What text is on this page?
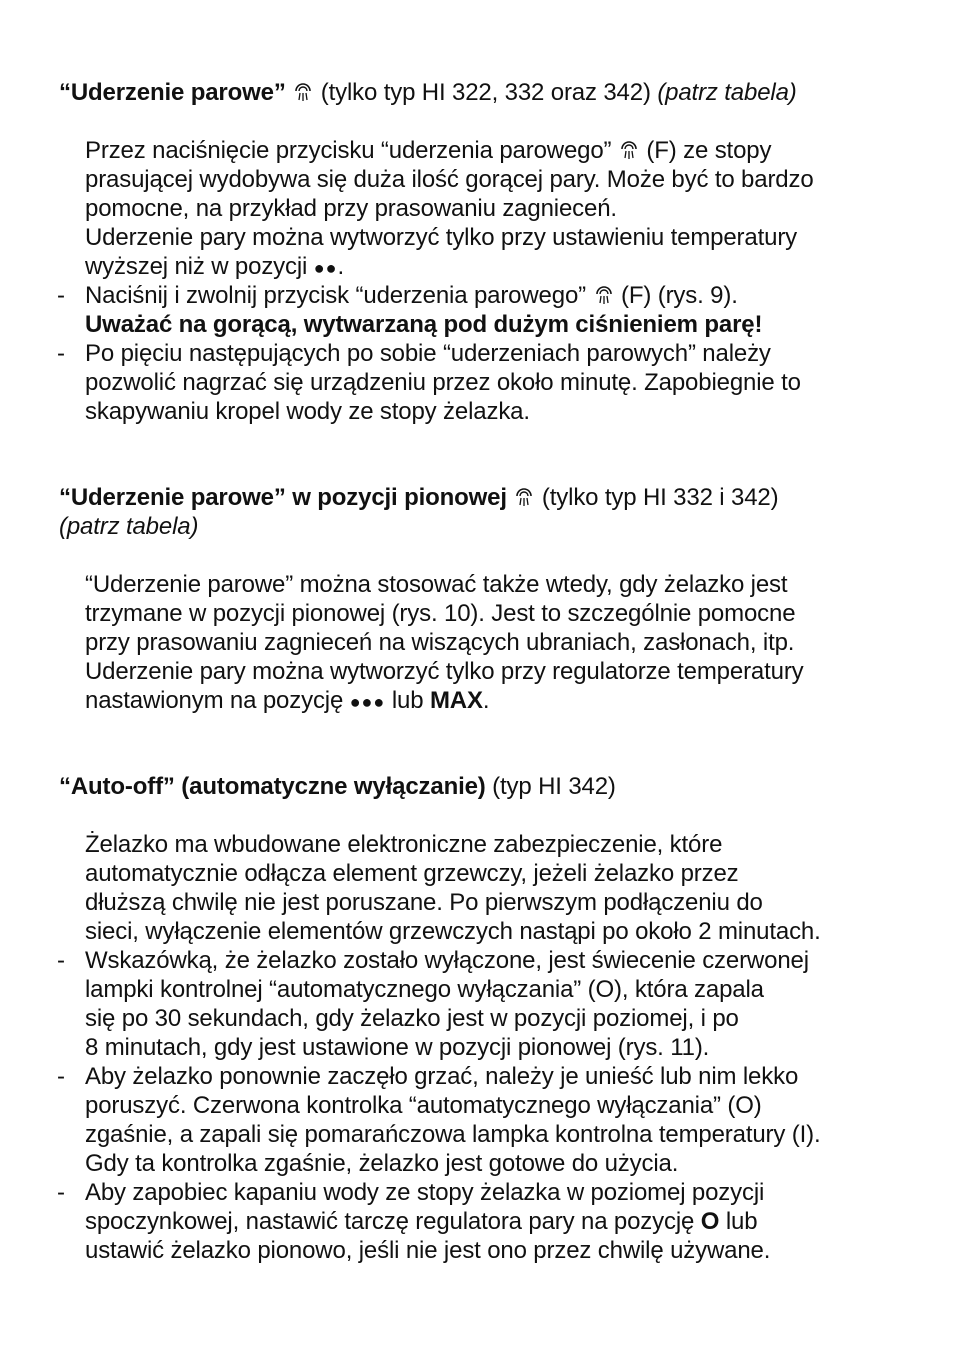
“Uderzenie parowe”  (tylko typ HI 322, 332 oraz 342) (patrz tabela)
Przez naciśnięcie przycisku “uderzenia parowego”  (F) ze stopy
prasującej wydobywa się duża ilość gorącej pary. Może być to bardzo
pomocne, na przykład przy prasowaniu zagnieceń.
Uderzenie pary można wytworzyć tylko przy ustawieniu temperatury
wyższej niż w pozycji ●●.
- Naciśnij i zwolnij przycisk “uderzenia parowego”  (F) (rys. 9).
Uważać na gorącą, wytwarzaną pod dużym ciśnieniem parę!
- Po pięciu następujących po sobie “uderzeniach parowych” należy
pozwolić nagrzać się urządzeniu przez około minutę. Zapobiegnie to
skapywaniu kropel wody ze stopy żelazka.
“Uderzenie parowe” w pozycji pionowej  (tylko typ HI 332 i 342)
(patrz tabela)
“Uderzenie parowe” można stosować także wtedy, gdy żelazko jest
trzymane w pozycji pionowej (rys. 10). Jest to szczególnie pomocne
przy prasowaniu zagnieceń na wiszących ubraniach, zasłonach, itp.
Uderzenie pary można wytworzyć tylko przy regulatorze temperatury
nastawionym na pozycję ●●● lub MAX.
“Auto-off” (automatyczne wyłączanie) (typ HI 342)
Żelazko ma wbudowane elektroniczne zabezpieczenie, które
automatycznie odłącza element grzewczy, jeżeli żelazko przez
dłuższą chwilę nie jest poruszane. Po pierwszym podłączeniu do
sieci, wyłączenie elementów grzewczych nastąpi po około 2 minutach.
- Wskazówką, że żelazko zostało wyłączone, jest świecenie czerwonej
lampki kontrolnej “automatycznego wyłączania” (O), która zapala
się po 30 sekundach, gdy żelazko jest w pozycji poziomej, i po
8 minutach, gdy jest ustawione w pozycji pionowej (rys. 11).
- Aby żelazko ponownie zaczęło grzać, należy je unieść lub nim lekko
poruszyć. Czerwona kontrolka “automatycznego wyłączania” (O)
zgaśnie, a zapali się pomarańczowa lampka kontrolna temperatury (I).
Gdy ta kontrolka zgaśnie, żelazko jest gotowe do użycia.
- Aby zapobiec kapaniu wody ze stopy żelazka w poziomej pozycji
spoczynkowej, nastawić tarczę regulatora pary na pozycję O lub
ustawić żelazko pionowo, jeśli nie jest ono przez chwilę używane.
